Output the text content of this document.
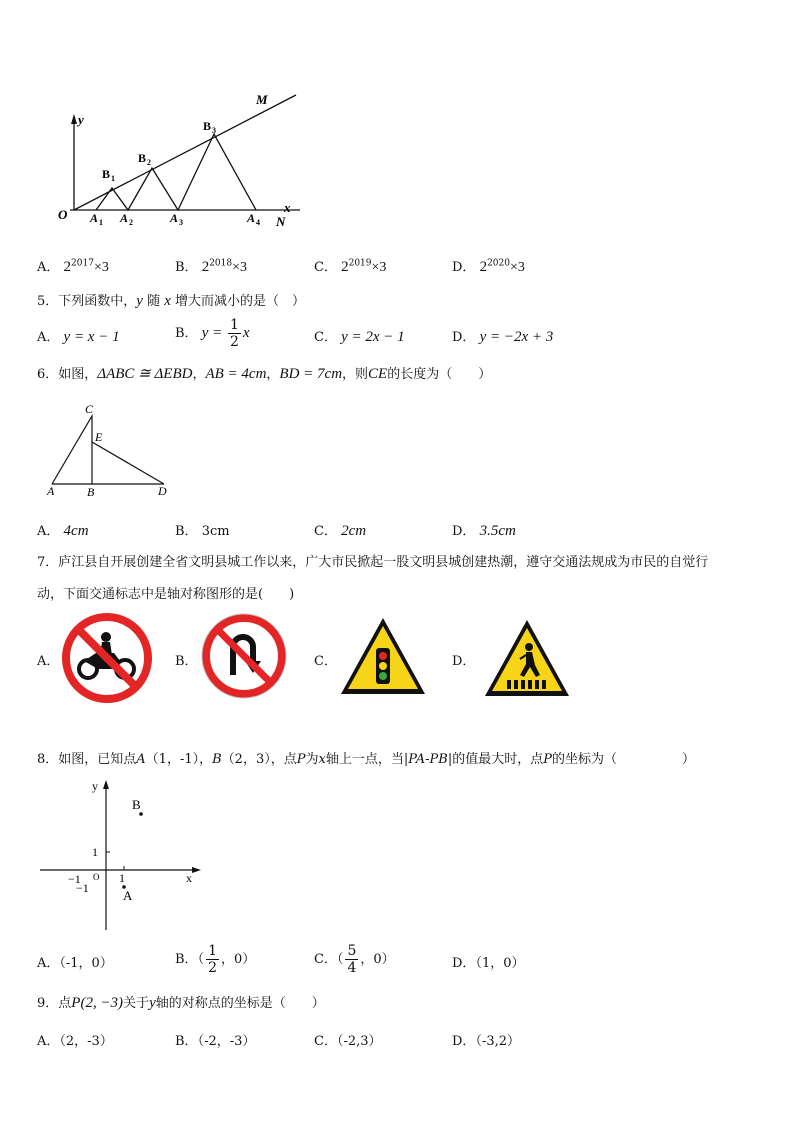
y
M
B 1
B 2
B 3
O A 1 A 2	A 3	A 4
x
N
A． $2^{2017}\times 3$	B． $2^{2018}\times 3$	C． $2^{2019}\times 3$	D． $2^{2020}\times 3$
5．下列函数中，y 随 x 增大而减小的是（　）
A． y = x − 1	B． $y = \frac{1}{2}$ x	C． y = 2x − 1	D． y = −2x + 3
6．如图，ΔABC ≅ ΔEBD，AB = 4cm，BD = 7cm，则CE的长度为（　　）
C
E
A	B	D
A． 4cm	B． 3cm	C． 2cm	D． 3.5cm
7．庐江县自开展创建全省文明县城工作以来，广大市民掀起一股文明县城创建热潮，遵守交通法规成为市民的自觉行
动，下面交通标志中是轴对称图形的是(　　)
A．	B．	C．	D．
8．如图，已知点A（1，-1），B（2，3），点P为x轴上一点，当|PA-PB|的值最大时，点P的坐标为（　　　　　）
y
x
B
A
1
−1 O
−1
1
A．（-1，0）	B．（ $\frac{1}{2}$ ，0）	C．（ $\frac{5}{4}$ ，0）	D．（1，0）
9．点P(2, −3)关于y轴的对称点的坐标是（　　）
A．（2，-3）	B．（-2，-3）	C．（-2,3）	D．（-3,2）
